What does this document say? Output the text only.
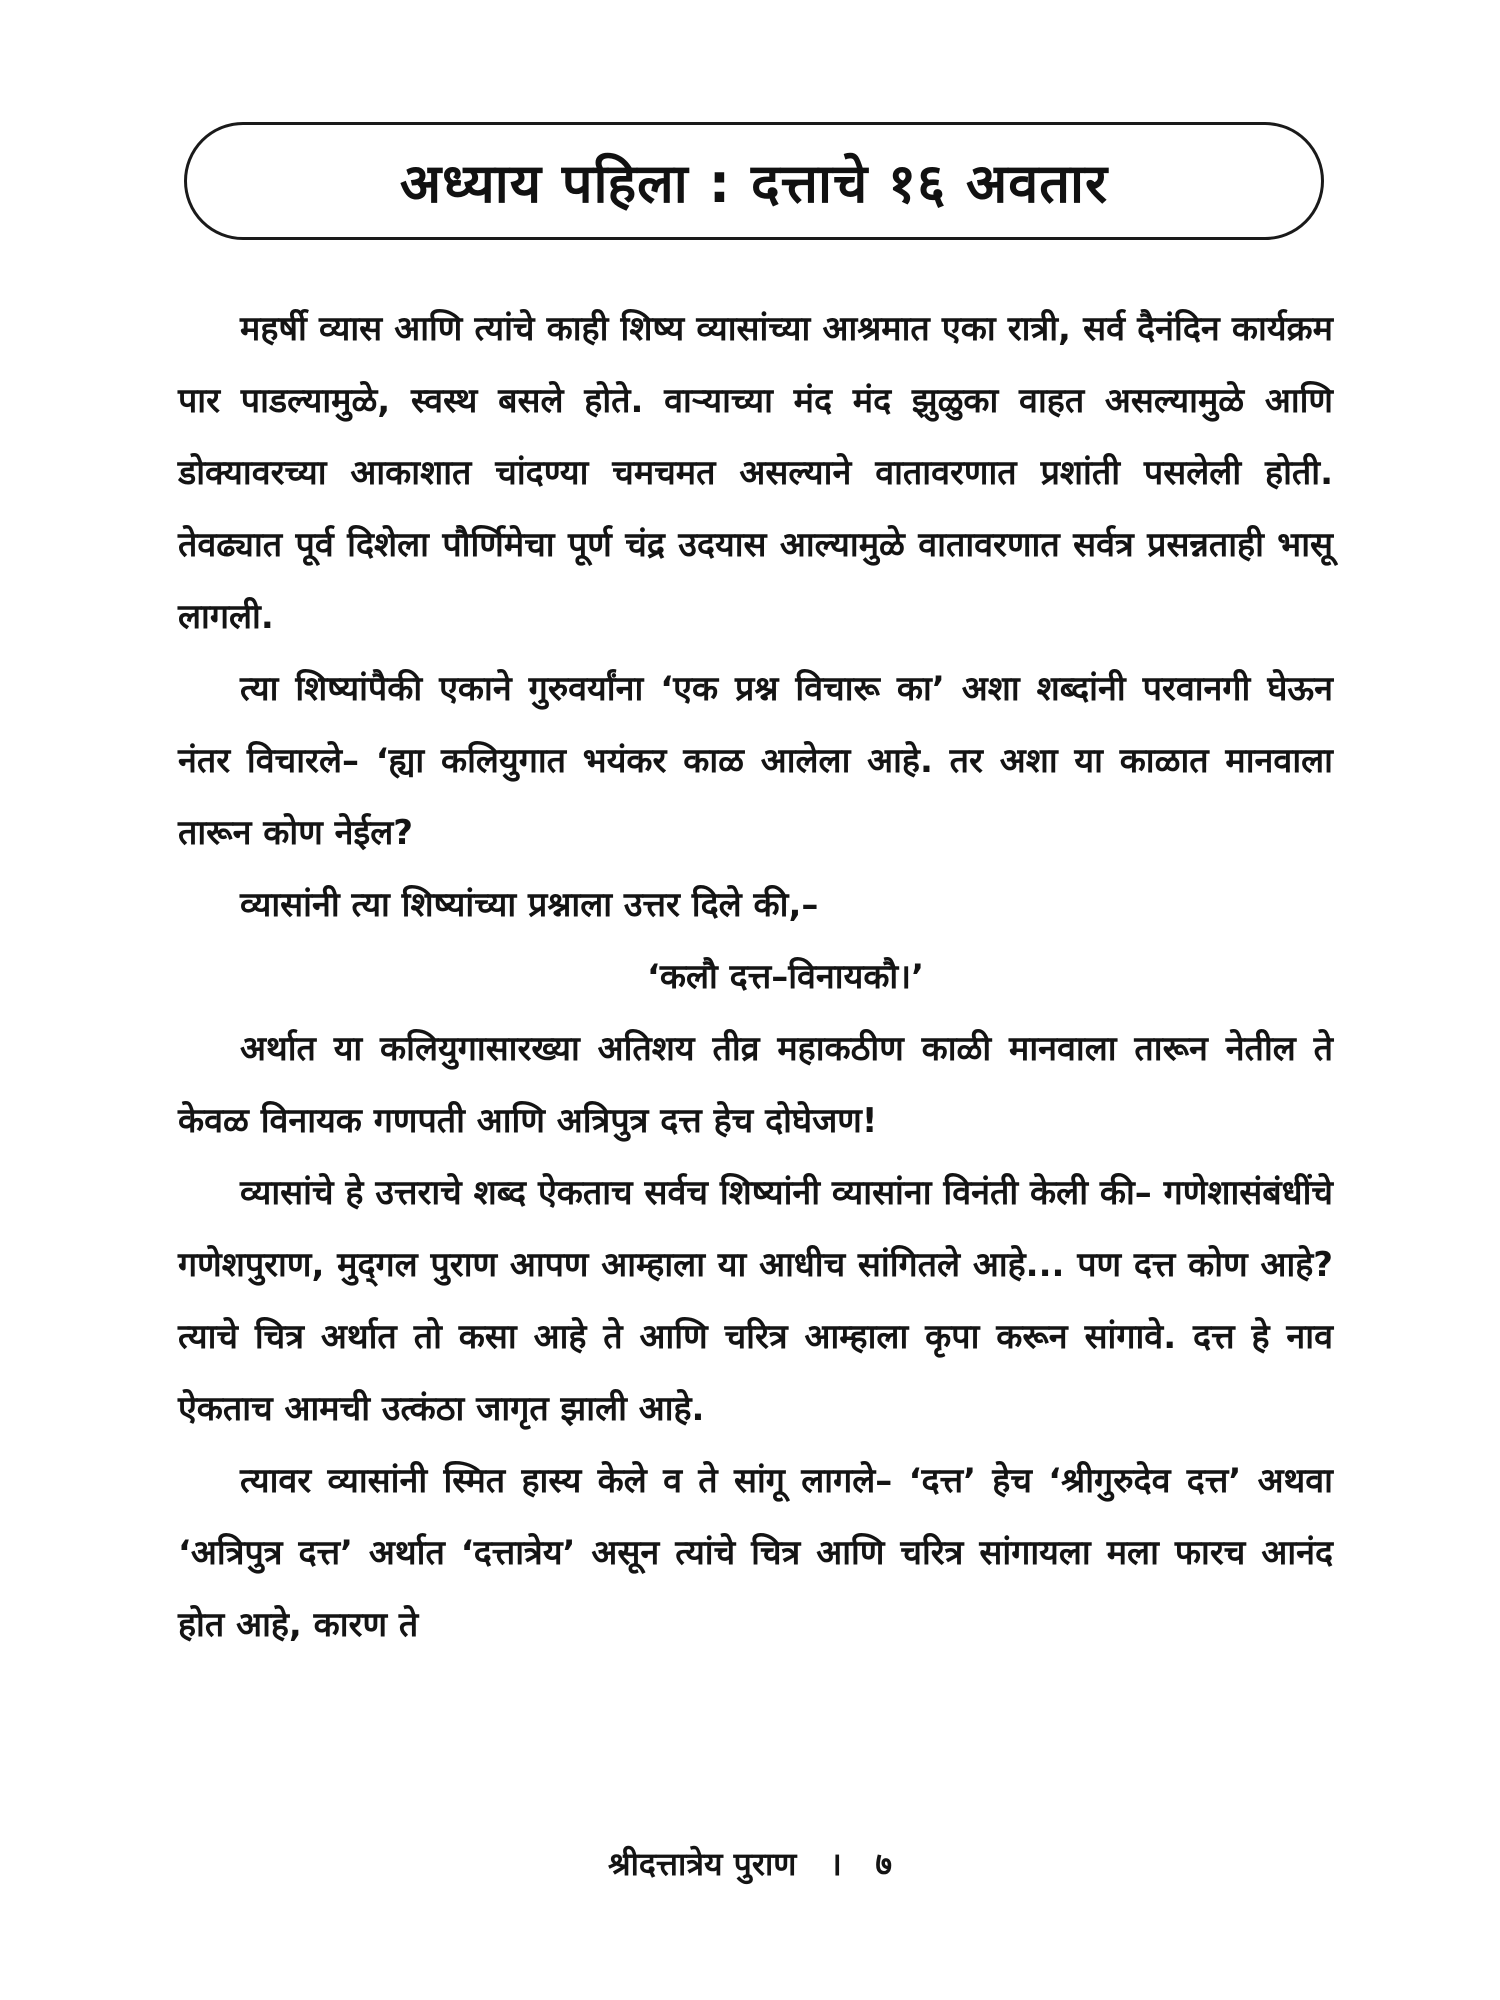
अध्याय पहिला : दत्ताचे १६ अवतार

महर्षी व्यास आणि त्यांचे काही शिष्य व्यासांच्या आश्रमात एका रात्री, सर्व दैनंदिन कार्यक्रम पार पाडल्यामुळे, स्वस्थ बसले होते. वाऱ्याच्या मंद मंद झुळुका वाहत असल्यामुळे आणि डोक्यावरच्या आकाशात चांदण्या चमचमत असल्याने वातावरणात प्रशांती पसलेली होती. तेवढ्यात पूर्व दिशेला पौर्णिमेचा पूर्ण चंद्र उदयास आल्यामुळे वातावरणात सर्वत्र प्रसन्नताही भासू लागली.

त्या शिष्यांपैकी एकाने गुरुवर्यांना ‘एक प्रश्न विचारू का’ अशा शब्दांनी परवानगी घेऊन नंतर विचारले– ‘ह्या कलियुगात भयंकर काळ आलेला आहे. तर अशा या काळात मानवाला तारून कोण नेईल?

व्यासांनी त्या शिष्यांच्या प्रश्नाला उत्तर दिले की,–

‘कलौ दत्त–विनायकौ।’

अर्थात या कलियुगासारख्या अतिशय तीव्र महाकठीण काळी मानवाला तारून नेतील ते केवळ विनायक गणपती आणि अत्रिपुत्र दत्त हेच दोघेजण!

व्यासांचे हे उत्तराचे शब्द ऐकताच सर्वच शिष्यांनी व्यासांना विनंती केली की– गणेशासंबंधींचे गणेशपुराण, मुद्‌गल पुराण आपण आम्हाला या आधीच सांगितले आहे... पण दत्त कोण आहे? त्याचे चित्र अर्थात तो कसा आहे ते आणि चरित्र आम्हाला कृपा करून सांगावे. दत्त हे नाव ऐकताच आमची उत्कंठा जागृत झाली आहे.

त्यावर व्यासांनी स्मित हास्य केले व ते सांगू लागले– ‘दत्त’ हेच ‘श्रीगुरुदेव दत्त’ अथवा ‘अत्रिपुत्र दत्त’ अर्थात ‘दत्तात्रेय’ असून त्यांचे चित्र आणि चरित्र सांगायला मला फारच आनंद होत आहे, कारण ते

श्रीदत्तात्रेय पुराण । ७
